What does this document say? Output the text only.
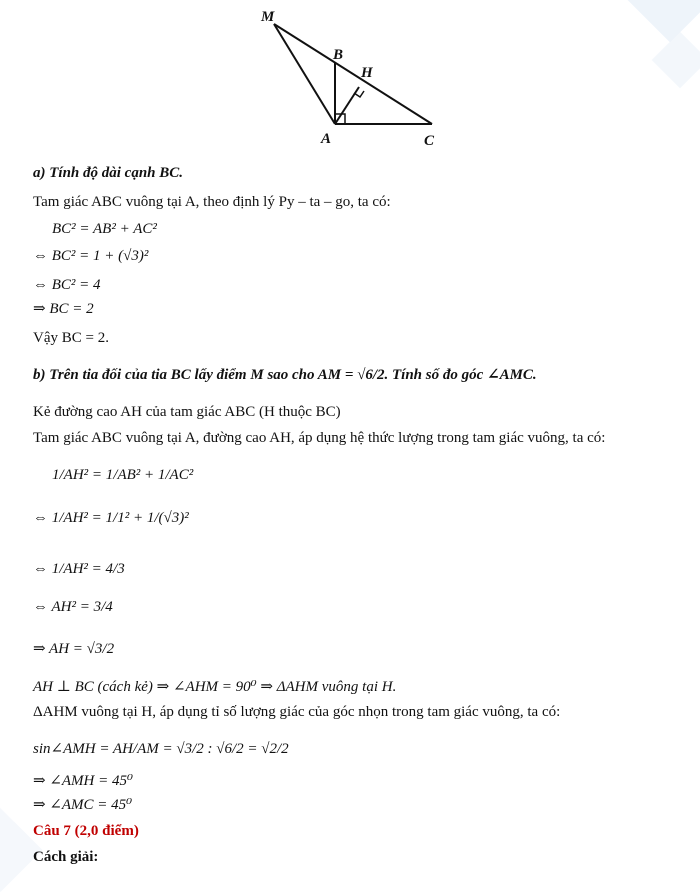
M
B
H
A	C
a) Tính độ dài cạnh BC.
Tam giác ABC vuông tại A, theo định lý Py – ta – go, ta có:
BC² = AB² + AC²
⇔ BC² = 1 + (√3)²
⇔ BC² = 4
⇒ BC = 2
Vậy BC = 2.
b) Trên tia đối của tia BC lấy điểm M sao cho AM = √6/2. Tính số đo góc ∠AMC.
Kẻ đường cao AH của tam giác ABC (H thuộc BC)
Tam giác ABC vuông tại A, đường cao AH, áp dụng hệ thức lượng trong tam giác vuông, ta có:
1/AH² = 1/AB² + 1/AC²
⇔ 1/AH² = 1/1² + 1/(√3)²
⇔ 1/AH² = 4/3
⇔ AH² = 3/4
⇒ AH = √3/2
AH ⊥ BC (cách kẻ) ⇒ ∠AHM = 90⁰ ⇒ ΔAHM vuông tại H.
ΔAHM vuông tại H, áp dụng tỉ số lượng giác của góc nhọn trong tam giác vuông, ta có:
sin∠AMH = AH/AM = √3/2 : √6/2 = √2/2
⇒ ∠AMH = 45⁰
⇒ ∠AMC = 45⁰
Câu 7 (2,0 điểm)
Cách giải:
